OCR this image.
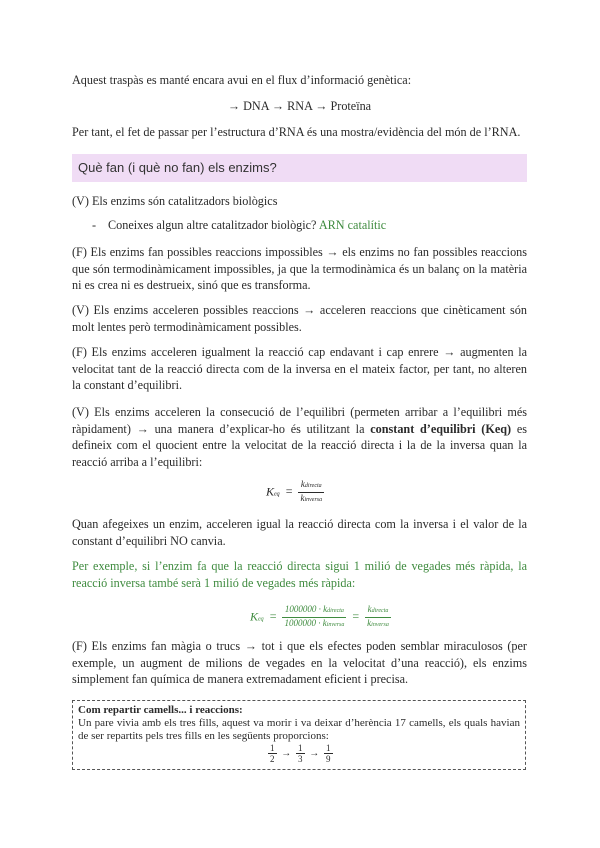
Aquest traspàs es manté encara avui en el flux d’informació genètica:

→ DNA → RNA → Proteïna

Per tant, el fet de passar per l’estructura d’RNA és una mostra/evidència del món de l’RNA.

Què fan (i què no fan) els enzims?

(V) Els enzims són catalitzadors biològics

- Coneixes algun altre catalitzador biològic? ARN catalític

(F) Els enzims fan possibles reaccions impossibles → els enzims no fan possibles reaccions que són termodinàmicament impossibles, ja que la termodinàmica és un balanç on la matèria ni es crea ni es destrueix, sinó que es transforma.

(V) Els enzims acceleren possibles reaccions → acceleren reaccions que cinèticament són molt lentes però termodinàmicament possibles.

(F) Els enzims acceleren igualment la reacció cap endavant i cap enrere → augmenten la velocitat tant de la reacció directa com de la inversa en el mateix factor, per tant, no alteren la constant d’equilibri.

(V) Els enzims acceleren la consecució de l’equilibri (permeten arribar a l’equilibri més ràpidament) → una manera d’explicar-ho és utilitzant la constant d’equilibri (Keq) es defineix com el quocient entre la velocitat de la reacció directa i la de la inversa quan la reacció arriba a l’equilibri:

Keq = $\frac{\text{kdirecta}}{\text{kinversa}}$

Quan afegeixes un enzim, acceleren igual la reacció directa com la inversa i el valor de la constant d’equilibri NO canvia.

Per exemple, si l’enzim fa que la reacció directa sigui 1 milió de vegades més ràpida, la reacció inversa també serà 1 milió de vegades més ràpida:

Keq = $\frac{\text{1000000 · kdirecta}}{\text{1000000 · kinversa}} = \frac{\text{kdirecta}}{\text{kinversa}}$

(F) Els enzims fan màgia o trucs → tot i que els efectes poden semblar miraculosos (per exemple, un augment de milions de vegades en la velocitat d’una reacció), els enzims simplement fan química de manera extremadament eficient i precisa.

Com repartir camells... i reaccions:
Un pare vivia amb els tres fills, aquest va morir i va deixar d’herència 17 camells, els quals havian de ser repartits pels tres fills en les següents proporcions:
$\frac{1}{2} \to \frac{1}{3} \to \frac{1}{9}$
